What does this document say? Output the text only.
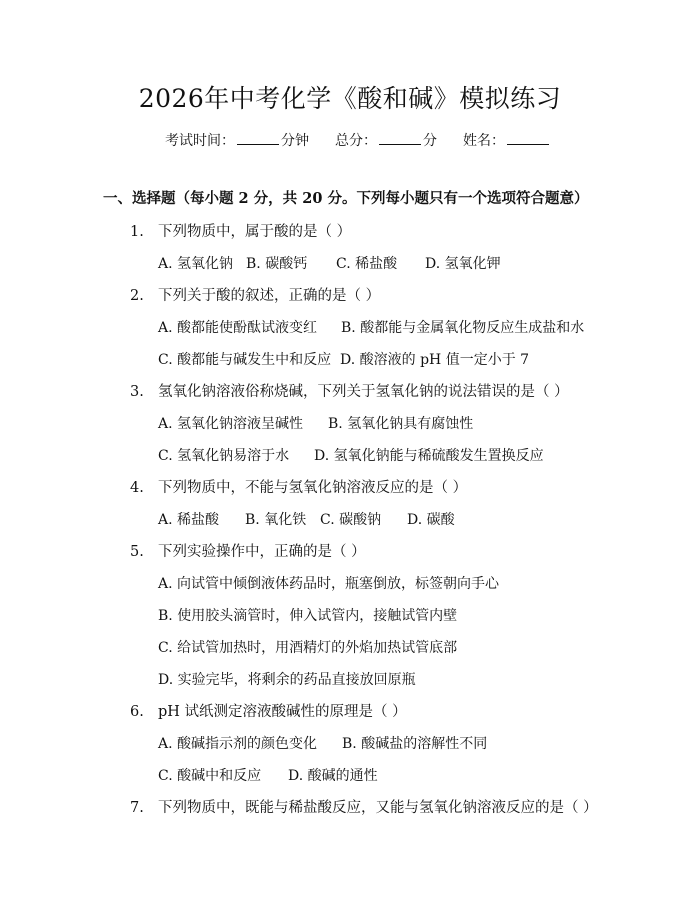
2026年中考化学《酸和碱》模拟练习
考试时间：	分钟 总分：	分 姓名：
一、选择题（每小题 2 分，共 20 分。下列每小题只有一个选项符合题意）
1. 下列物质中，属于酸的是（ ）
A. 氢氧化钠 B. 碳酸钙 C. 稀盐酸 D. 氢氧化钾
2. 下列关于酸的叙述，正确的是（ ）
A. 酸都能使酚酞试液变红 B. 酸都能与金属氧化物反应生成盐和水
C. 酸都能与碱发生中和反应 D. 酸溶液的 pH 值一定小于 7
3. 氢氧化钠溶液俗称烧碱，下列关于氢氧化钠的说法错误的是（ ）
A. 氢氧化钠溶液呈碱性 B. 氢氧化钠具有腐蚀性
C. 氢氧化钠易溶于水 D. 氢氧化钠能与稀硫酸发生置换反应
4. 下列物质中，不能与氢氧化钠溶液反应的是（ ）
A. 稀盐酸 B. 氧化铁 C. 碳酸钠 D. 碳酸
5. 下列实验操作中，正确的是（ ）
A. 向试管中倾倒液体药品时，瓶塞倒放，标签朝向手心
B. 使用胶头滴管时，伸入试管内，接触试管内壁
C. 给试管加热时，用酒精灯的外焰加热试管底部
D. 实验完毕，将剩余的药品直接放回原瓶
6. pH 试纸测定溶液酸碱性的原理是（ ）
A. 酸碱指示剂的颜色变化 B. 酸碱盐的溶解性不同
C. 酸碱中和反应 D. 酸碱的通性
7. 下列物质中，既能与稀盐酸反应，又能与氢氧化钠溶液反应的是（ ）
